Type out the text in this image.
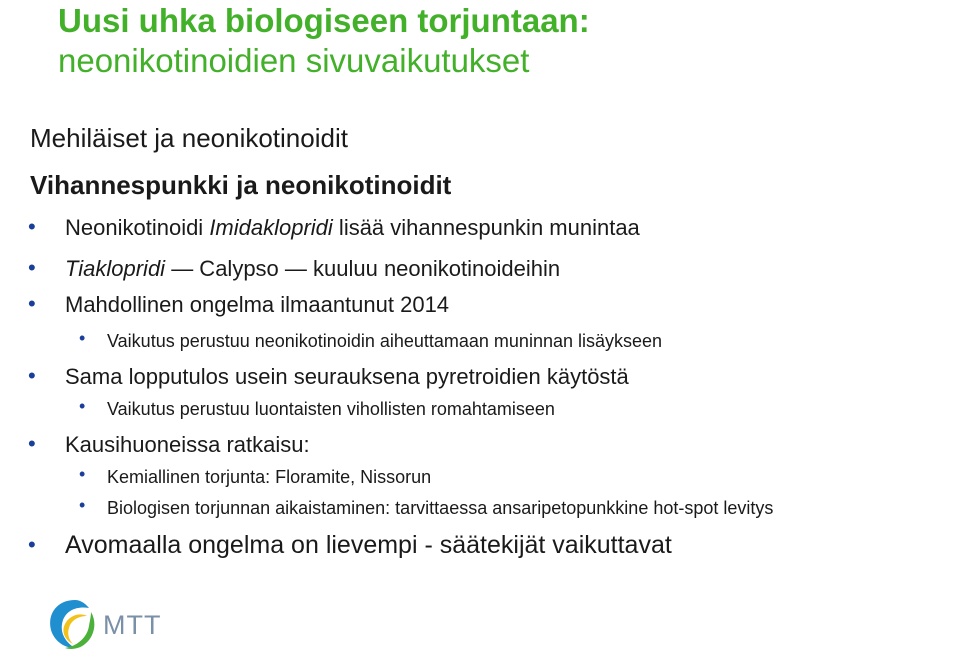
Uusi uhka biologiseen torjuntaan:
neonikotinoidien sivuvaikutukset
Mehiläiset ja neonikotinoidit
Vihannespunkki ja neonikotinoidit
• Neonikotinoidi Imidaklopridi lisää vihannespunkin munintaa
• Tiaklopridi — Calypso — kuuluu neonikotinoideihin
• Mahdollinen ongelma ilmaantunut 2014
• Vaikutus perustuu neonikotinoidin aiheuttamaan muninnan lisäykseen
• Sama lopputulos usein seurauksena pyretroidien käytöstä
• Vaikutus perustuu luontaisten vihollisten romahtamiseen
• Kausihuoneissa ratkaisu:
• Kemiallinen torjunta: Floramite, Nissorun
• Biologisen torjunnan aikaistaminen: tarvittaessa ansaripetopunkkine hot-spot levitys
• Avomaalla ongelma on lievempi - säätekijät vaikuttavat
MTT
